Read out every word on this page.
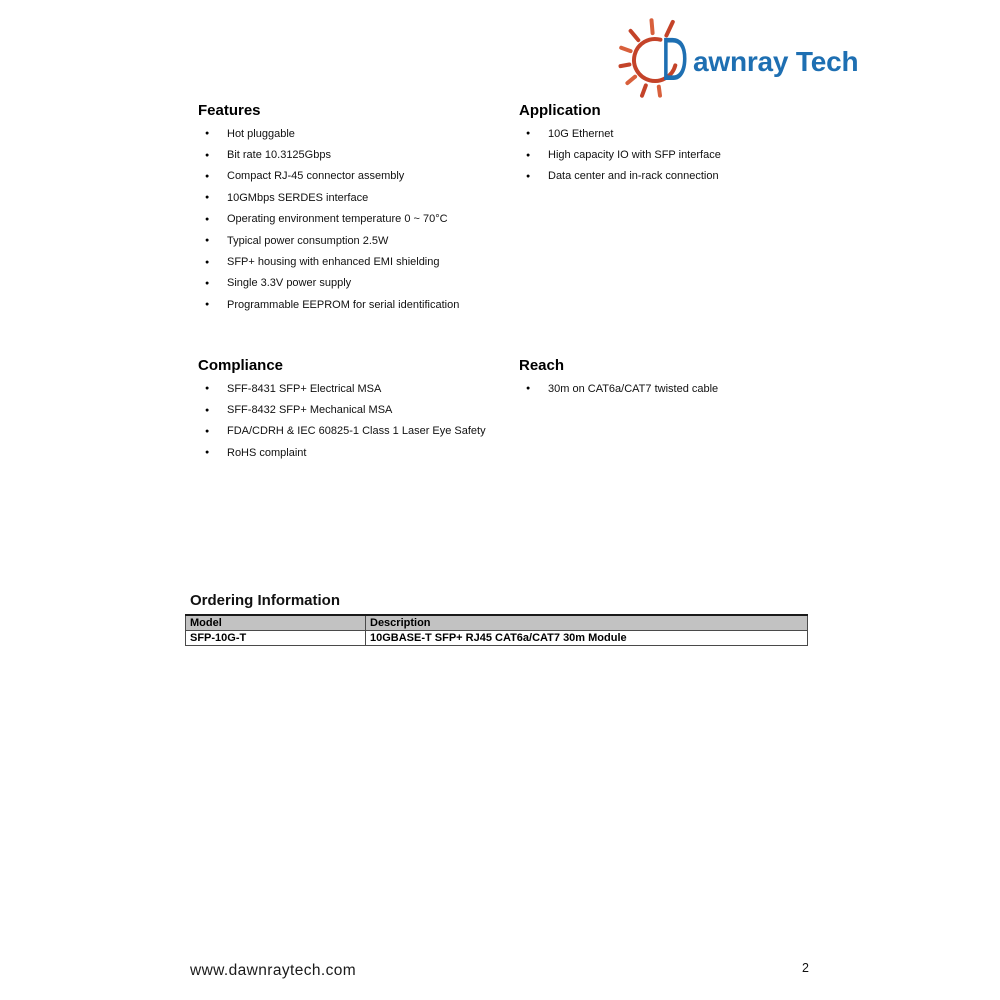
D awnray Tech
Features
●	Hot pluggable
●	Bit rate 10.3125Gbps
●	Compact RJ-45 connector assembly
●	10GMbps SERDES interface
●	Operating environment temperature 0 ~ 70°C
●	Typical power consumption 2.5W
●	SFP+ housing with enhanced EMI shielding
●	Single 3.3V power supply
●	Programmable EEPROM for serial identification
Application
●	10G Ethernet
●	High capacity IO with SFP interface
●	Data center and in-rack connection
Compliance
●	SFF-8431 SFP+ Electrical MSA
●	SFF-8432 SFP+ Mechanical MSA
●	FDA/CDRH & IEC 60825-1 Class 1 Laser Eye Safety
●	RoHS complaint
Reach
●	30m on CAT6a/CAT7 twisted cable
Ordering Information
Model	Description
SFP-10G-T	10GBASE-T SFP+ RJ45 CAT6a/CAT7 30m Module
www.dawnraytech.com	2
